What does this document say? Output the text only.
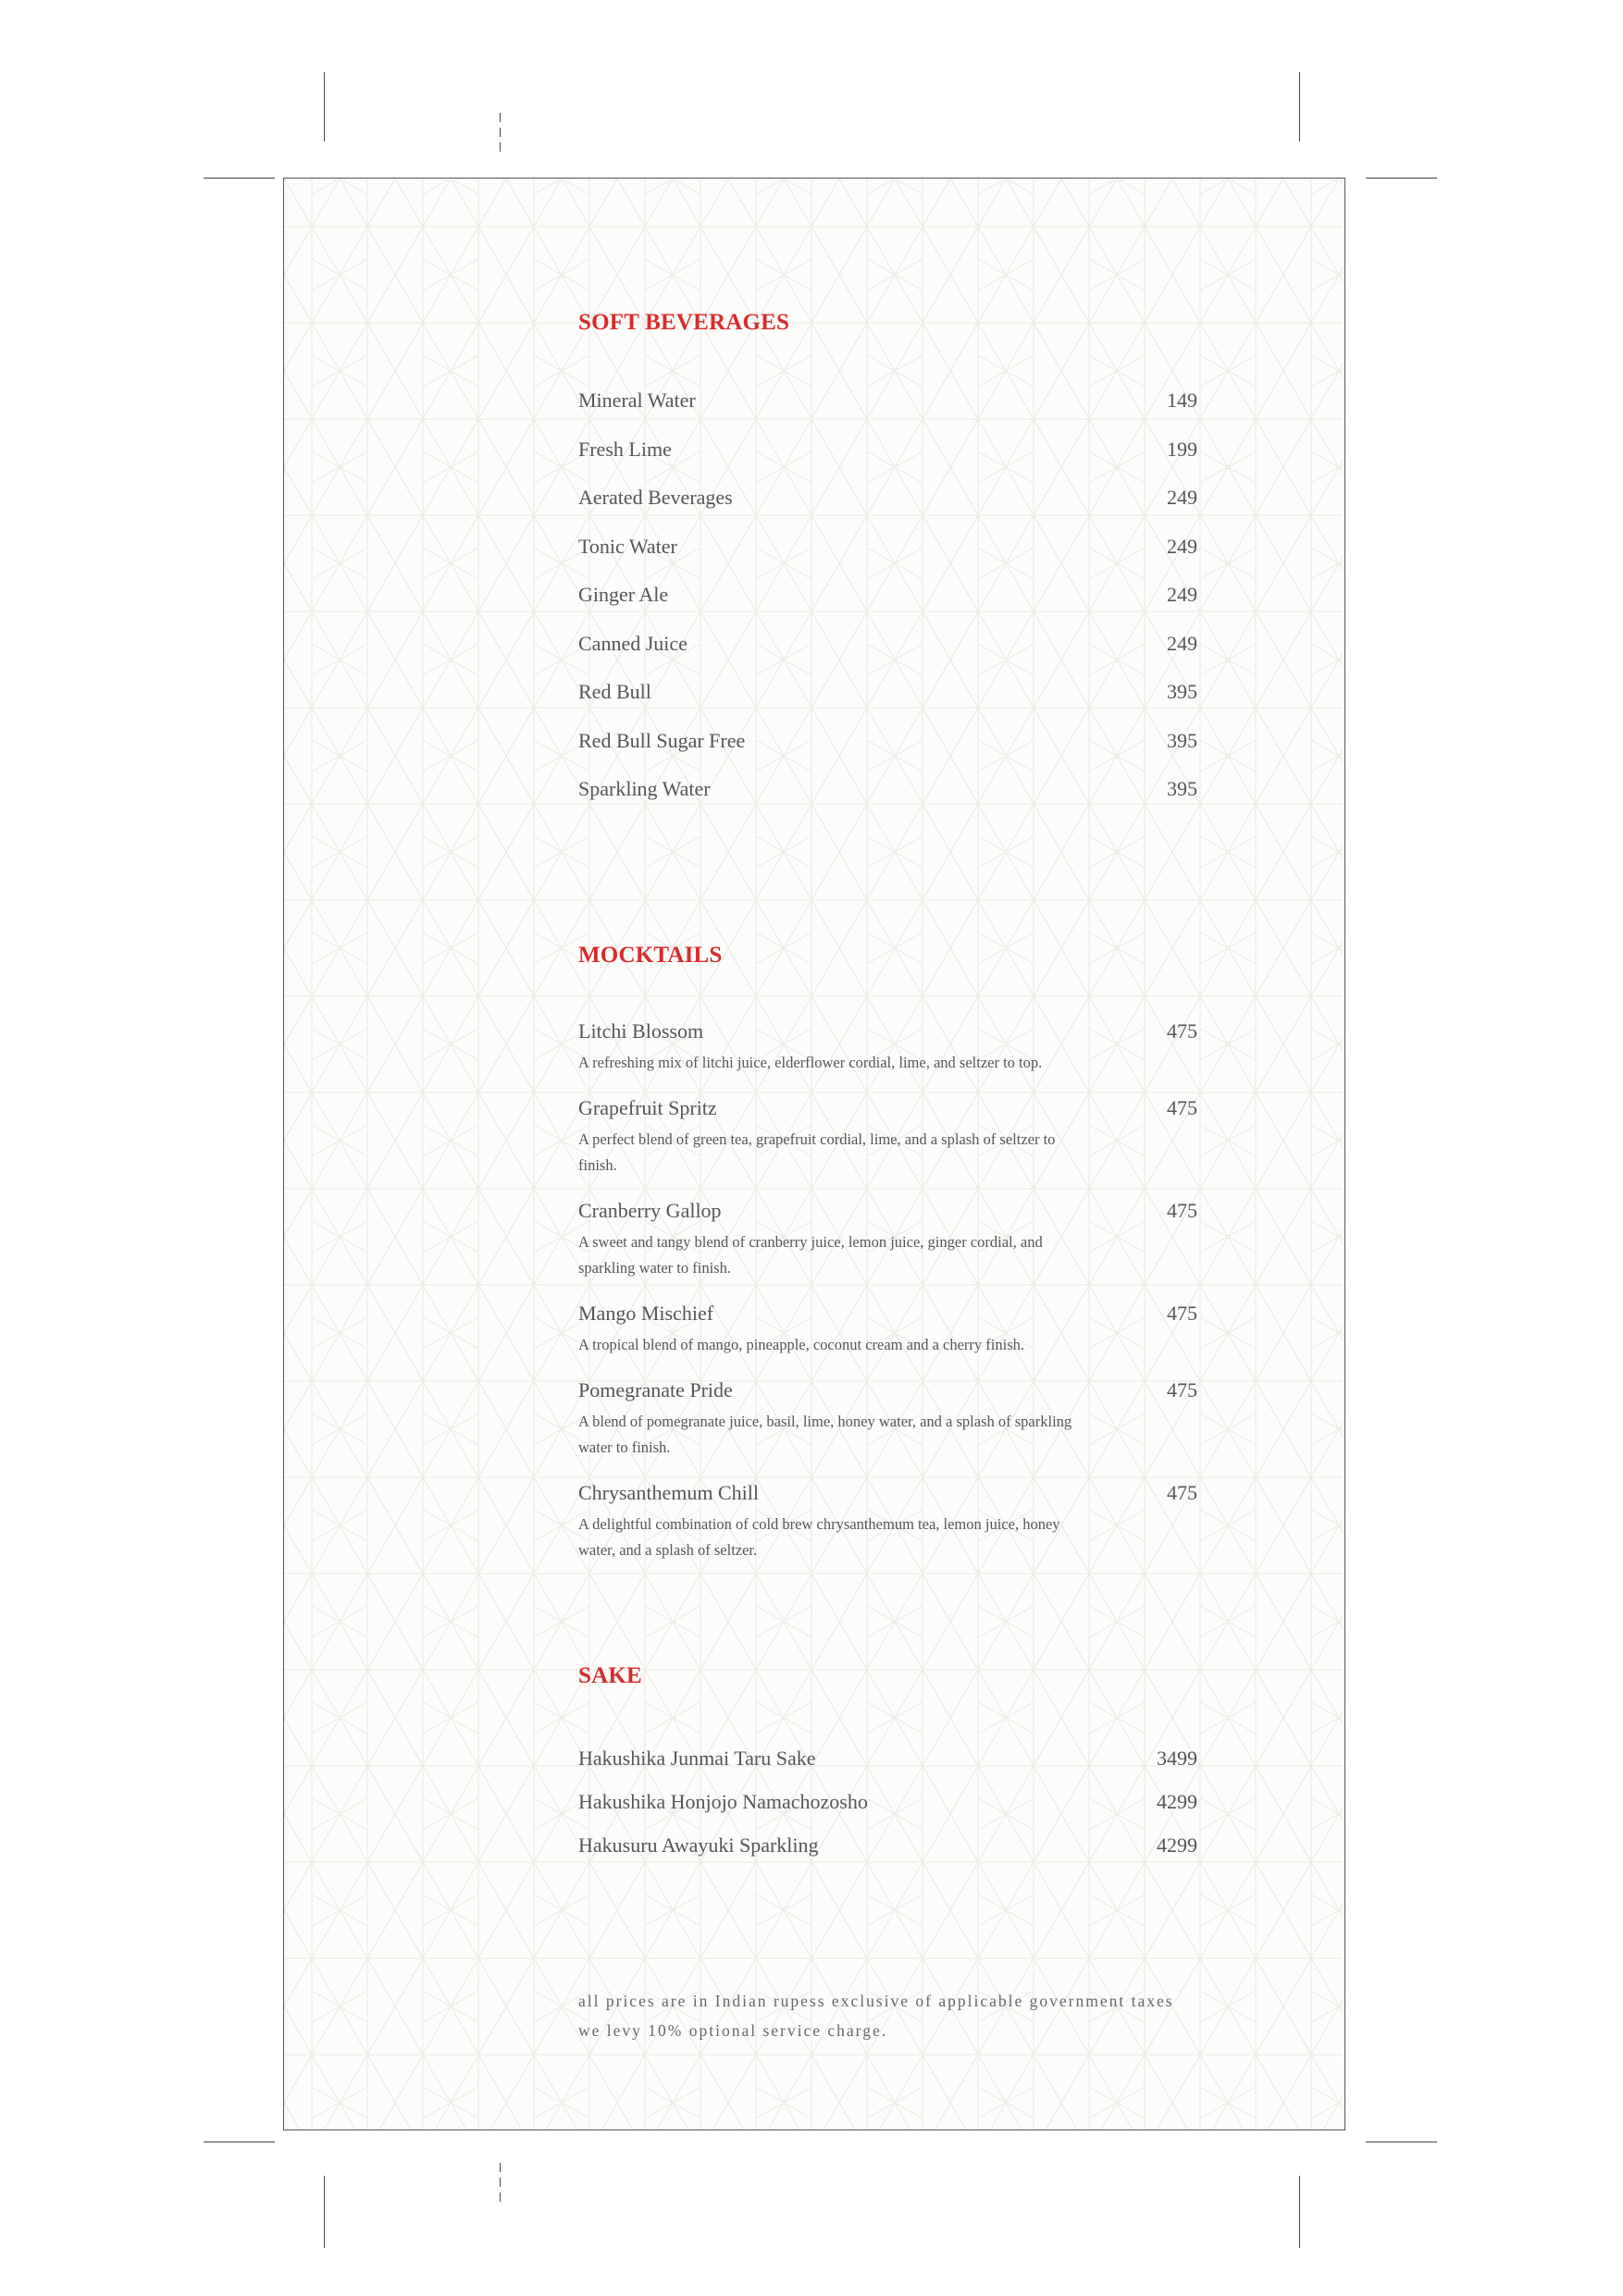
SOFT BEVERAGES
Mineral Water	149
Fresh Lime	199
Aerated Beverages	249
Tonic Water	249
Ginger Ale	249
Canned Juice	249
Red Bull	395
Red Bull Sugar Free	395
Sparkling Water	395
MOCKTAILS
Litchi Blossom	475
A refreshing mix of litchi juice, elderflower cordial, lime, and seltzer to top.
Grapefruit Spritz	475
A perfect blend of green tea, grapefruit cordial, lime, and a splash of seltzer to finish.
Cranberry Gallop	475
A sweet and tangy blend of cranberry juice, lemon juice, ginger cordial, and sparkling water to finish.
Mango Mischief	475
A tropical blend of mango, pineapple, coconut cream and a cherry finish.
Pomegranate Pride	475
A blend of pomegranate juice, basil, lime, honey water, and a splash of sparkling water to finish.
Chrysanthemum Chill	475
A delightful combination of cold brew chrysanthemum tea, lemon juice, honey water, and a splash of seltzer.
SAKE
Hakushika Junmai Taru Sake	3499
Hakushika Honjojo Namachozosho	4299
Hakusuru Awayuki Sparkling	4299

all prices are in Indian rupess exclusive of applicable government taxes

we levy 10% optional service charge.
